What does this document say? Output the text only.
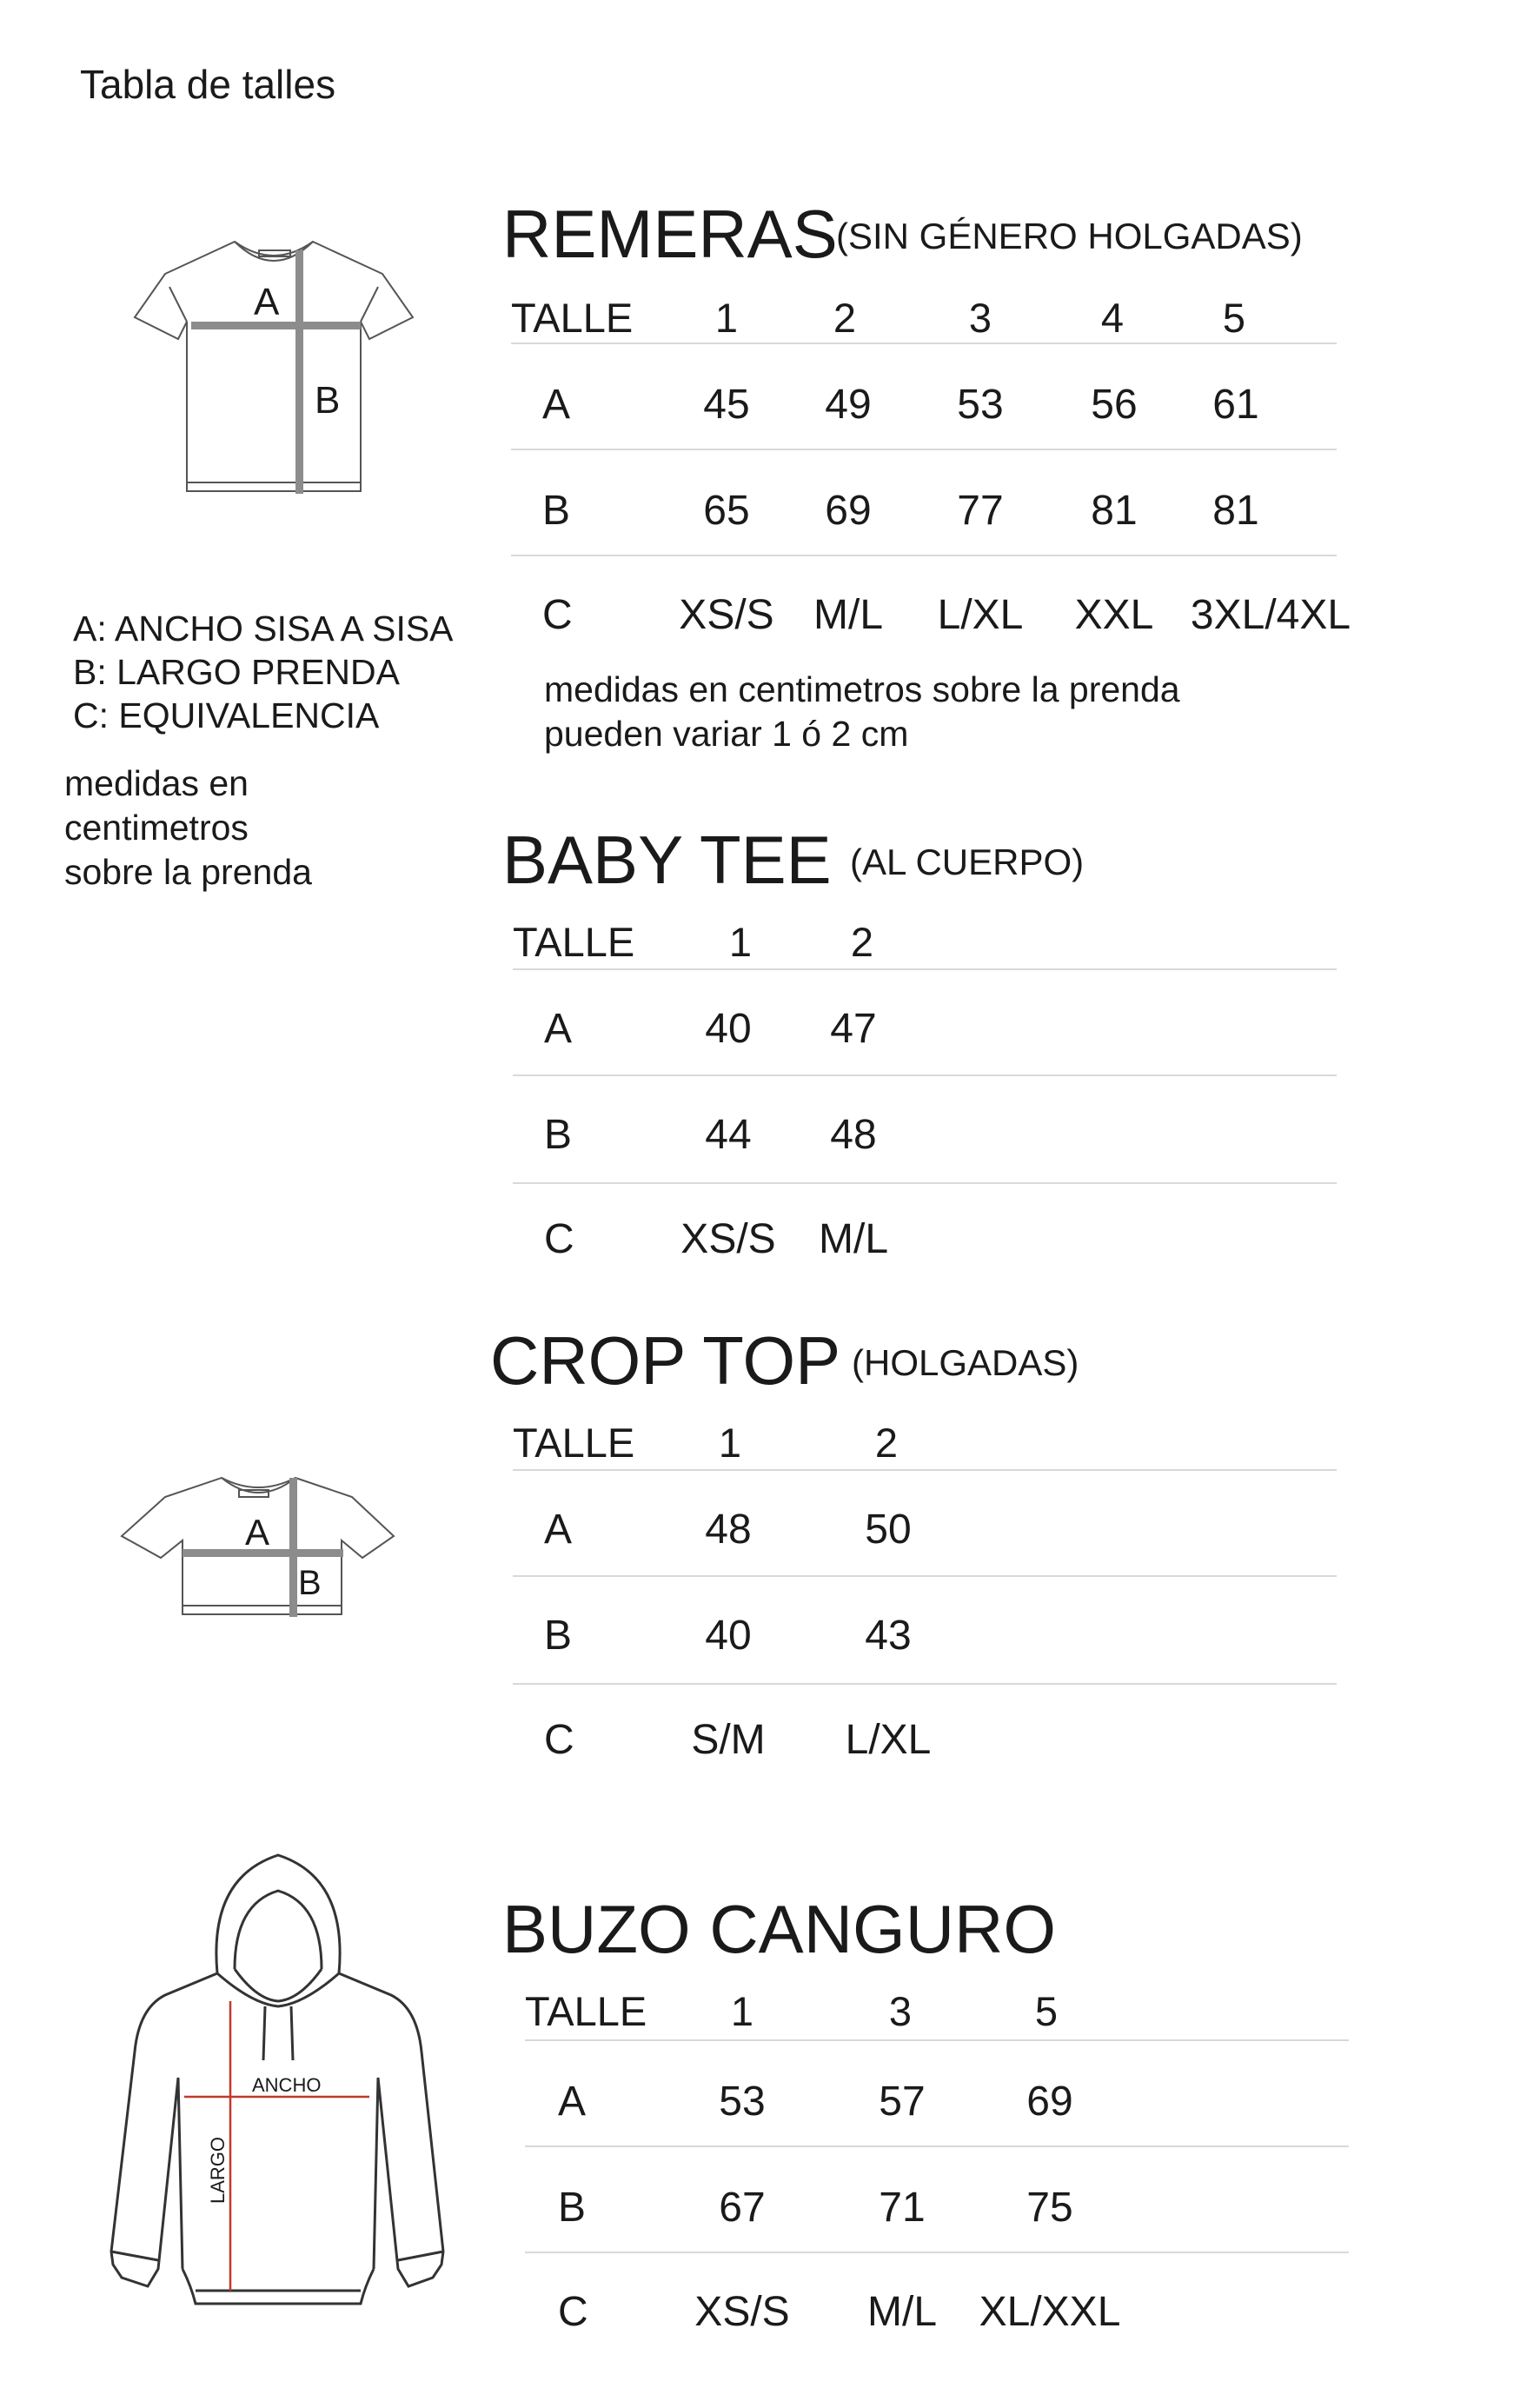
Tabla de talles
A
B
A: ANCHO SISA A SISA
B: LARGO PRENDA
C: EQUIVALENCIA
medidas en
centimetros
sobre la prenda
REMERAS
(SIN GÉNERO HOLGADAS)
TALLE 1 2	3	4 5
A	45 49 53 56 61
B	65 69 77 81 81
C	XS/S M/L L/XL XXL 3XL/4XL
medidas en centimetros sobre la prenda
pueden variar 1 ó 2 cm
BABY TEE (AL CUERPO)
TALLE 1 2
A	40 47
B	44 48
C	XS/S M/L
CROP TOP (HOLGADAS)
TALLE 1	2
A	48	50
B	40	43
C	S/M L/XL
A
B
BUZO CANGURO
TALLE 1	3	5
A	53	57 69
B	67	71 75
C	XS/S M/L XL/XXL
ANCHO
LARGO
